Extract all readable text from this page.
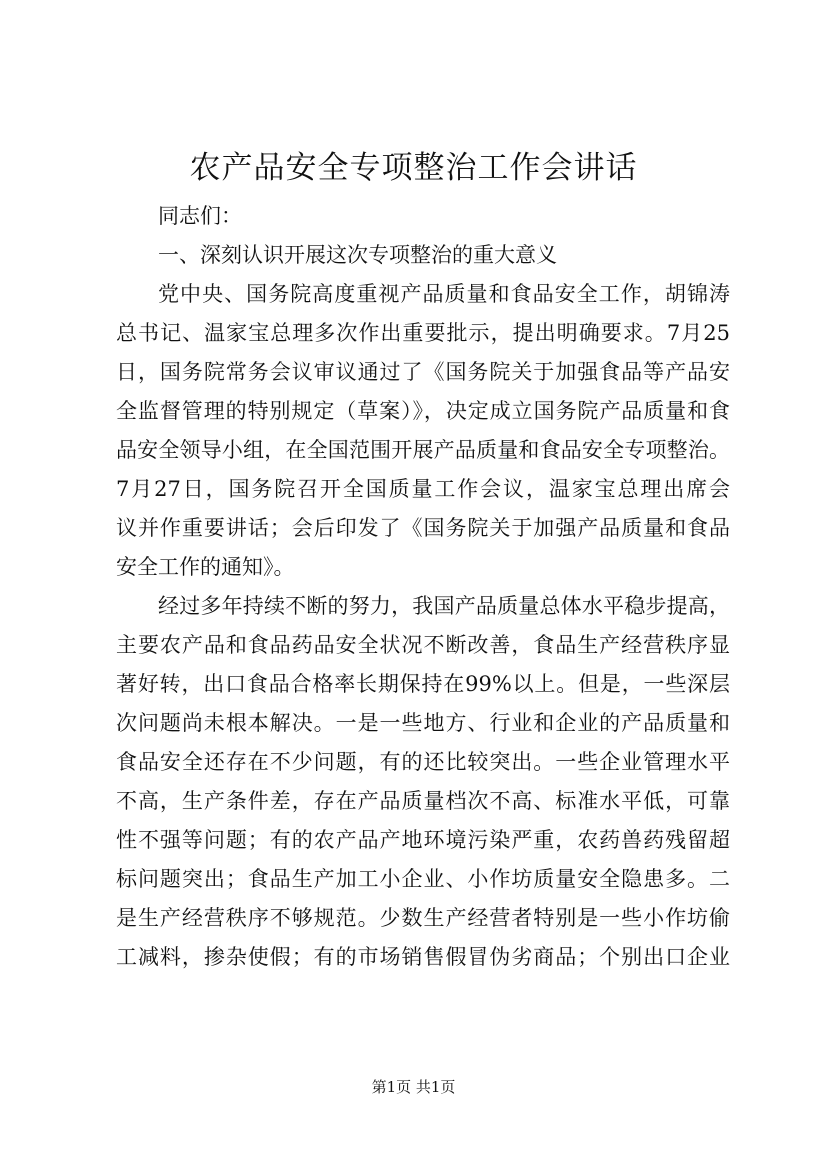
农产品安全专项整治工作会讲话
同志们：
一、深刻认识开展这次专项整治的重大意义
党中央、国务院高度重视产品质量和食品安全工作，胡锦涛
总书记、温家宝总理多次作出重要批示，提出明确要求。7月25
日，国务院常务会议审议通过了《国务院关于加强食品等产品安
全监督管理的特别规定（草案）》，决定成立国务院产品质量和食
品安全领导小组，在全国范围开展产品质量和食品安全专项整治。
7月27日，国务院召开全国质量工作会议，温家宝总理出席会
议并作重要讲话；会后印发了《国务院关于加强产品质量和食品
安全工作的通知》。
经过多年持续不断的努力，我国产品质量总体水平稳步提高，
主要农产品和食品药品安全状况不断改善，食品生产经营秩序显
著好转，出口食品合格率长期保持在99%以上。但是，一些深层
次问题尚未根本解决。一是一些地方、行业和企业的产品质量和
食品安全还存在不少问题，有的还比较突出。一些企业管理水平
不高，生产条件差，存在产品质量档次不高、标准水平低，可靠
性不强等问题；有的农产品产地环境污染严重，农药兽药残留超
标问题突出；食品生产加工小企业、小作坊质量安全隐患多。二
是生产经营秩序不够规范。少数生产经营者特别是一些小作坊偷
工减料，掺杂使假；有的市场销售假冒伪劣商品；个别出口企业
第1页 共1页
